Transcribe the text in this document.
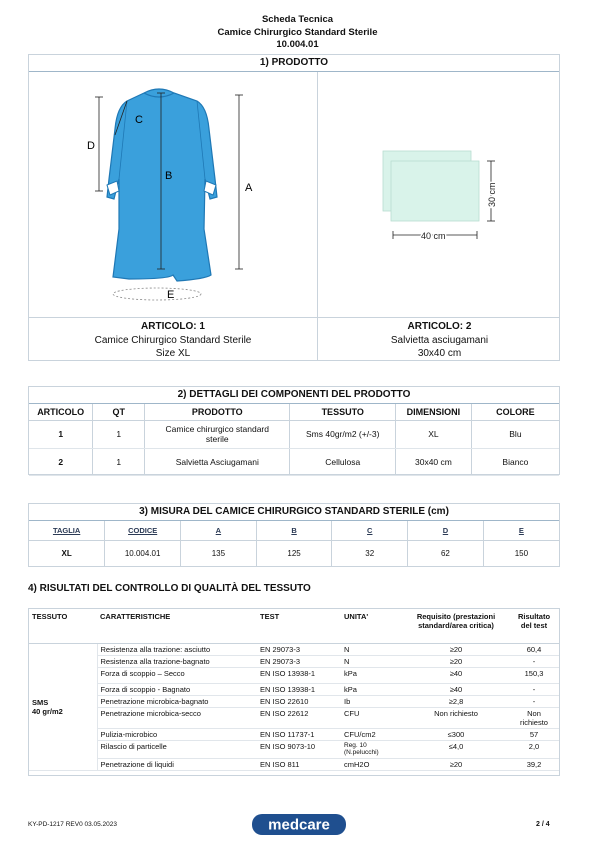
Scheda Tecnica
Camice Chirurgico Standard Sterile
10.004.01
1) PRODOTTO
A
B
C
D
E
40 cm
30 cm
ARTICOLO: 1
Camice Chirurgico Standard Sterile
Size XL
ARTICOLO: 2
Salvietta asciugamani
30x40 cm
2) DETTAGLI DEI COMPONENTI DEL PRODOTTO
ARTICOLO	QT	PRODOTTO	TESSUTO	DIMENSIONI	COLORE
1	1	Camice chirurgico standard sterile	Sms 40gr/m2 (+/-3)	XL	Blu
2	1	Salvietta Asciugamani	Cellulosa	30x40 cm	Bianco
3) MISURA DEL CAMICE CHIRURGICO STANDARD STERILE (cm)
TAGLIA	CODICE	A	B	C	D	E
XL	10.004.01	135	125	32	62	150
4) RISULTATI DEL CONTROLLO DI QUALITÀ DEL TESSUTO
TESSUTO	CARATTERISTICHE	TEST	UNITA'	Requisito (prestazioni standard/area critica)	Risultato del test

SMS
40 gr/m2	Resistenza alla trazione: asciutto	EN 29073-3	N	≥20	60,4
	Resistenza alla trazione-bagnato	EN 29073-3	N	≥20	-
	Forza di scoppio – Secco	EN ISO 13938-1	kPa	≥40	150,3
	Forza di scoppio - Bagnato	EN ISO 13938-1	kPa	≥40	-
	Penetrazione microbica-bagnato	EN ISO 22610	Ib	≥2,8	-
	Penetrazione microbica-secco	EN ISO 22612	CFU	Non richiesto	Non richiesto
	Pulizia-microbico	EN ISO 11737-1	CFU/cm2	≤300	57
	Rilascio di particelle	EN ISO 9073-10	Reg. 10 (N.pelucchi)	≤4,0	2,0
	Penetrazione di liquidi	EN ISO 811	cmH2O	≥20	39,2
KY-PD-1217 REV0 03.05.2023	medcare	2 / 4
